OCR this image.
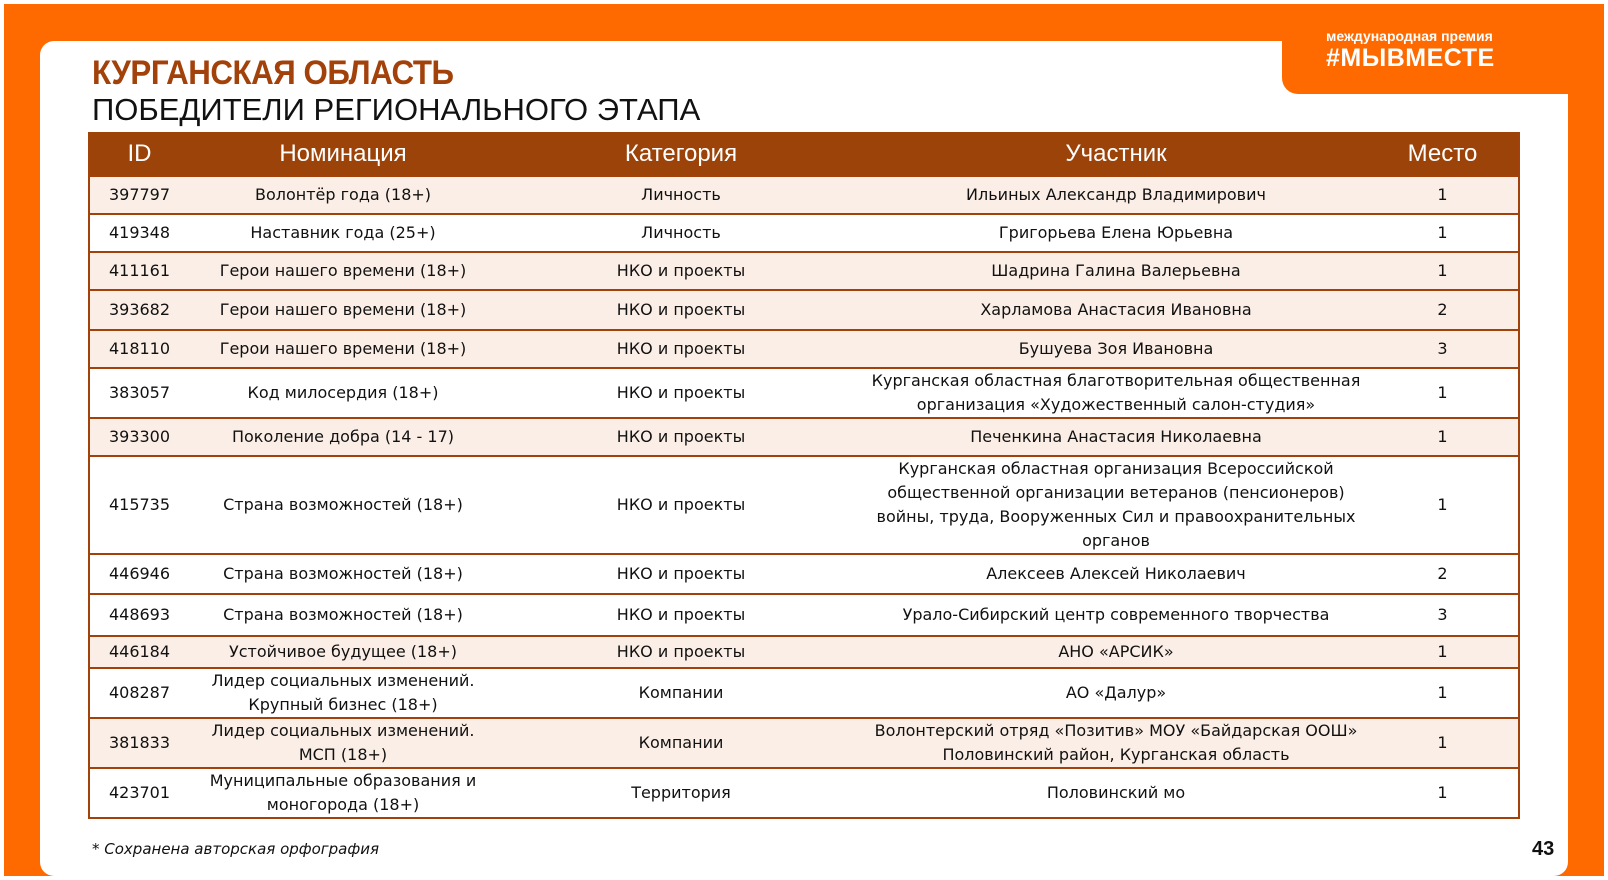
международная премия
#МЫВМЕСТЕ
КУРГАНСКАЯ ОБЛАСТЬ
ПОБЕДИТЕЛИ РЕГИОНАЛЬНОГО ЭТАПА
ID	Номинация	Категория	Участник	Место
397797	Волонтёр года (18+)	Личность	Ильиных Александр Владимирович	1
419348	Наставник года (25+)	Личность	Григорьева Елена Юрьевна	1
411161	Герои нашего времени (18+)	НКО и проекты	Шадрина Галина Валерьевна	1
393682	Герои нашего времени (18+)	НКО и проекты	Харламова Анастасия Ивановна	2
418110	Герои нашего времени (18+)	НКО и проекты	Бушуева Зоя Ивановна	3
383057	Код милосердия (18+)	НКО и проекты	Курганская областная благотворительная общественная организация «Художественный салон-студия»	1
393300	Поколение добра (14 - 17)	НКО и проекты	Печенкина Анастасия Николаевна	1
415735	Страна возможностей (18+)	НКО и проекты	Курганская областная организация Всероссийской общественной организации ветеранов (пенсионеров) войны, труда, Вооруженных Сил и правоохранительных органов	1
446946	Страна возможностей (18+)	НКО и проекты	Алексеев Алексей Николаевич	2
448693	Страна возможностей (18+)	НКО и проекты	Урало-Сибирский центр современного творчества	3
446184	Устойчивое будущее (18+)	НКО и проекты	АНО «АРСИК»	1
408287	Лидер социальных изменений. Крупный бизнес (18+)	Компании	АО «Далур»	1
381833	Лидер социальных изменений. МСП (18+)	Компании	Волонтерский отряд «Позитив» МОУ «Байдарская ООШ» Половинский район, Курганская область	1
423701	Муниципальные образования и моногорода (18+)	Территория	Половинский мо	1
* Сохранена авторская орфография	43
